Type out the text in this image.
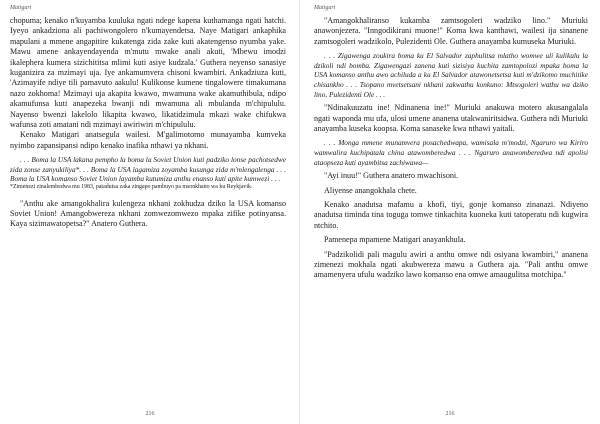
Matigari

chopuma; kenako n'kuyamba kuuluka ngati ndege kapena kuthamanga ngati hatchi. Iyeyo ankadziona ali pachiwongolero n'kumayendetsa. Naye Matigari ankaphika mapulani a mmene angapitire kukatenga zida zake kuti akatengenso nyumba yake. Mawu amene ankayendayenda m'mutu mwake anali akuti, 'Mbewu imodzi ikalephera kumera sizichititsa mlimi kuti asiye kudzala.' Guthera neyenso sanasiye kuganizira za mzimayi uja. Iye ankamumvera chisoni kwambiri. Ankadziuza kuti, 'Azimayife ndiye tili pamavuto aakulu! Kulikonse kumene tingalowere timakumana nazo zokhoma! Mzimayi uja akapita kwawo, mwamuna wake akamuthibula, ndipo akamufunsa kuti anapezeka bwanji ndi mwamuna ali mbulanda m'chipululu. Nayenso bwenzi lakelolo likapita kwawo, likatidzimula mkazi wake chifukwa wafunsa zoti amatani ndi mzimayi awiriwiri m'chipululu.

Kenako Matigari anatsegula wailesi. M'galimotomo munayamba kumveka nyimbo zapansipansi ndipo kenako inafika nthawi ya nkhani.

. . . Boma la USA lakana pempho la boma la Soviet Union kuti padziko lonse pachotsedwe zida zonse zanyukiliya*. . . Boma la USA lagamiza zoyamba kusunga zida m'mlengalenga . . . Boma la USA komanso Soviet Union layamba kutumiza anthu enanso kuti apite kumwezi . . .

*Zimenezi zinalembedwa mu 1983, patadutsa zaka zingapo pambuyo pa msonkhano wa ku Reykjavik.

"Anthu ake amangokhalira kulengeza nkhani zokhudza dziko la USA komanso Soviet Union! Amangobwereza nkhani zomwezomwezo mpaka zifike potinyansa. Kaya sizimawatopetsa?" Anatero Guthera.

216
Matigari

"Amangokhaliranso kukamba zamtsogoleri wadziko lino." Muriuki anawonjezera. "Inngodikirani muone!" Koma kwa kanthawi, wailesi ija sinanene zamtsogoleri wadzikolo, Pulezidenti Ole. Guthera anayamba kumuseka Muriuki.

. . . Zigawenga zoukira boma ku El Salvador zaphulitsa mlatho womwe uli kulikulu la dzikoli ndi bomba. Zigawengazi zanena kuti sizisiya kuchita zamtopolozi mpaka boma la USA komanso anthu awo achiluda a ku El Salvador atawonetsetsa kuti m'dzikomo muchitike chisankho . . . Tsopano mvetsetsani nkhani zakwathu konkuno: Mtsogoleri wathu wa dziko lino, Pulezidenti Ole . . .

"Ndinakuuzatu ine! Ndinanena ine!" Muriuki anakuwa motero akusangalala ngati waponda mu ufa, ulosi umene ananena utakwaniritsidwa. Guthera ndi Muriuki anayamba kuseka koopsa. Koma sanaseke kwa nthawi yaitali.

. . . Monga mmene munamvera posachedwapa, wamisala m'modzi, Ngaruro wa Kiriro wamwalira kuchipatala china atawomberedwa . . . Ngaruro anawomberedwa ndi apolisi ataopseza kuti ayambitsa zachiwawa—

"Ayi inuu!" Guthera anatero mwachisoni.

Aliyense anangokhala chete.

Kenako anadutsa mafamu a khofi, tiyi, gonje komanso zinanazi. Ndiyeno anadutsa timinda tina toguga tomwe tinkachita kuoneka kuti tatoperatu ndi kugwira ntchito.

Pamenepa mpamene Matigari anayankhula.

"Padzikolidi pali magulu awiri a anthu omwe ndi osiyana kwambiri," ananena zimenezi mokhala ngati akubwereza mawu a Guthera aja. "Pali anthu omwe amamenyera ufulu wadziko lawo komanso ena omwe amaugulitsa motchipa."

216
